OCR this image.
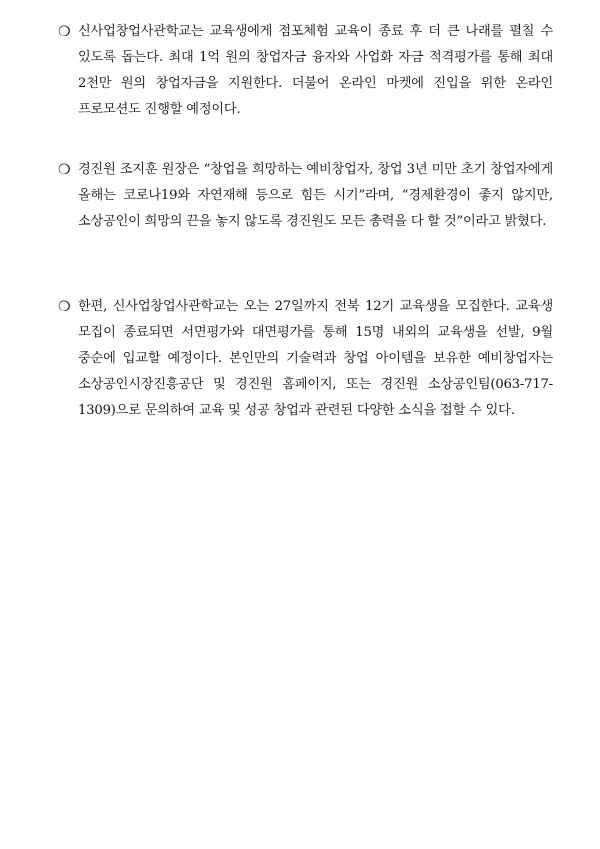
❍ 신사업창업사관학교는 교육생에게 점포체험 교육이 종료 후 더 큰 나래를 펼칠 수 있도록 돕는다. 최대 1억 원의 창업자금 융자와 사업화 자금 적격평가를 통해 최대 2천만 원의 창업자금을 지원한다. 더불어 온라인 마켓에 진입을 위한 온라인 프로모션도 진행할 예정이다.
❍ 경진원 조지훈 원장은 “창업을 희망하는 예비창업자, 창업 3년 미만 초기 창업자에게 올해는 코로나19와 자연재해 등으로 힘든 시기”라며, “경제환경이 좋지 않지만, 소상공인이 희망의 끈을 놓지 않도록 경진원도 모든 총력을 다 할 것”이라고 밝혔다.
❍ 한편, 신사업창업사관학교는 오는 27일까지 전북 12기 교육생을 모집한다. 교육생 모집이 종료되면 서면평가와 대면평가를 통해 15명 내외의 교육생을 선발, 9월 중순에 입교할 예정이다. 본인만의 기술력과 창업 아이템을 보유한 예비창업자는 소상공인시장진흥공단 및 경진원 홈페이지, 또는 경진원 소상공인팀(063-717-1309)으로 문의하여 교육 및 성공 창업과 관련된 다양한 소식을 접할 수 있다.
